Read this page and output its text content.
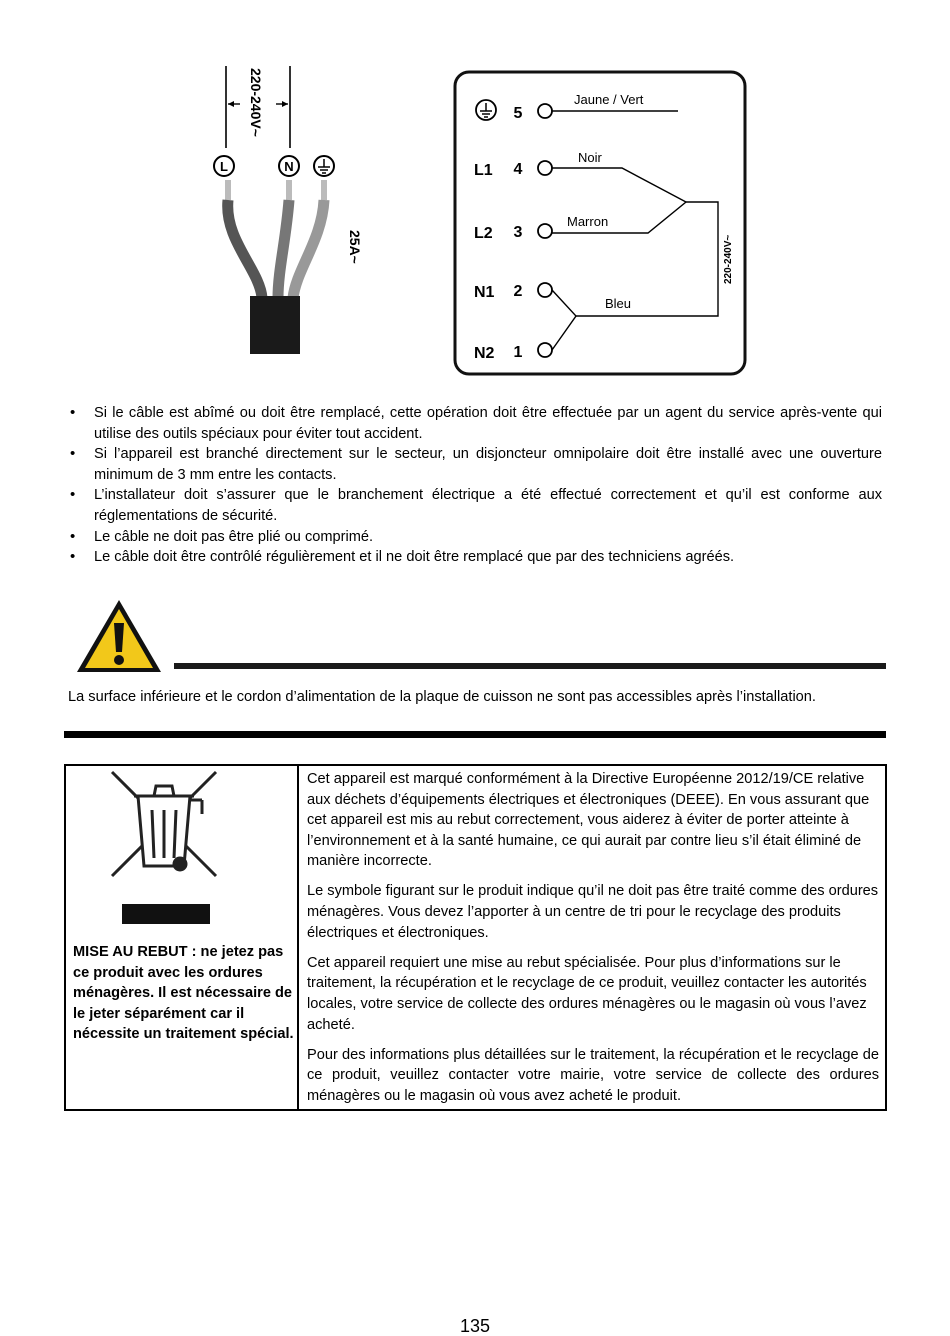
220-240V~
L	N
25A~
5
L1 4
L2 3
N1 2
N2 1
Jaune / Vert
Noir
Marron
Bleu
220-240V~
• Si le câble est abîmé ou doit être remplacé, cette opération doit être effectuée par un agent du service après-vente qui utilise des outils spéciaux pour éviter tout accident.
• Si l’appareil est branché directement sur le secteur, un disjoncteur omnipolaire doit être installé avec une ouverture minimum de 3 mm entre les contacts.
• L’installateur doit s’assurer que le branchement électrique a été effectué correctement et qu’il est conforme aux réglementations de sécurité.
• Le câble ne doit pas être plié ou comprimé.
• Le câble doit être contrôlé régulièrement et il ne doit être remplacé que par des techniciens agréés.

La surface inférieure et le cordon d’alimentation de la plaque de cuisson ne sont pas accessibles après l’installation.

MISE AU REBUT : ne jetez pas ce produit avec les ordures ménagères. Il est nécessaire de le jeter séparément car il nécessite un traitement spécial.

Cet appareil est marqué conformément à la Directive Européenne 2012/19/CE relative aux déchets d’équipements électriques et électroniques (DEEE). En vous assurant que cet appareil est mis au rebut correctement, vous aiderez à éviter de porter atteinte à l’environnement et à la santé humaine, ce qui aurait par contre lieu s’il était éliminé de manière incorrecte.

Le symbole figurant sur le produit indique qu’il ne doit pas être traité comme des ordures ménagères. Vous devez l’apporter à un centre de tri pour le recyclage des produits électriques et électroniques.

Cet appareil requiert une mise au rebut spécialisée. Pour plus d’informations sur le traitement, la récupération et le recyclage de ce produit, veuillez contacter les autorités locales, votre service de collecte des ordures ménagères ou le magasin où vous l’avez acheté.

Pour des informations plus détaillées sur le traitement, la récupération et le recyclage de ce produit, veuillez contacter votre mairie, votre service de collecte des ordures ménagères ou le magasin où vous avez acheté le produit.

135
